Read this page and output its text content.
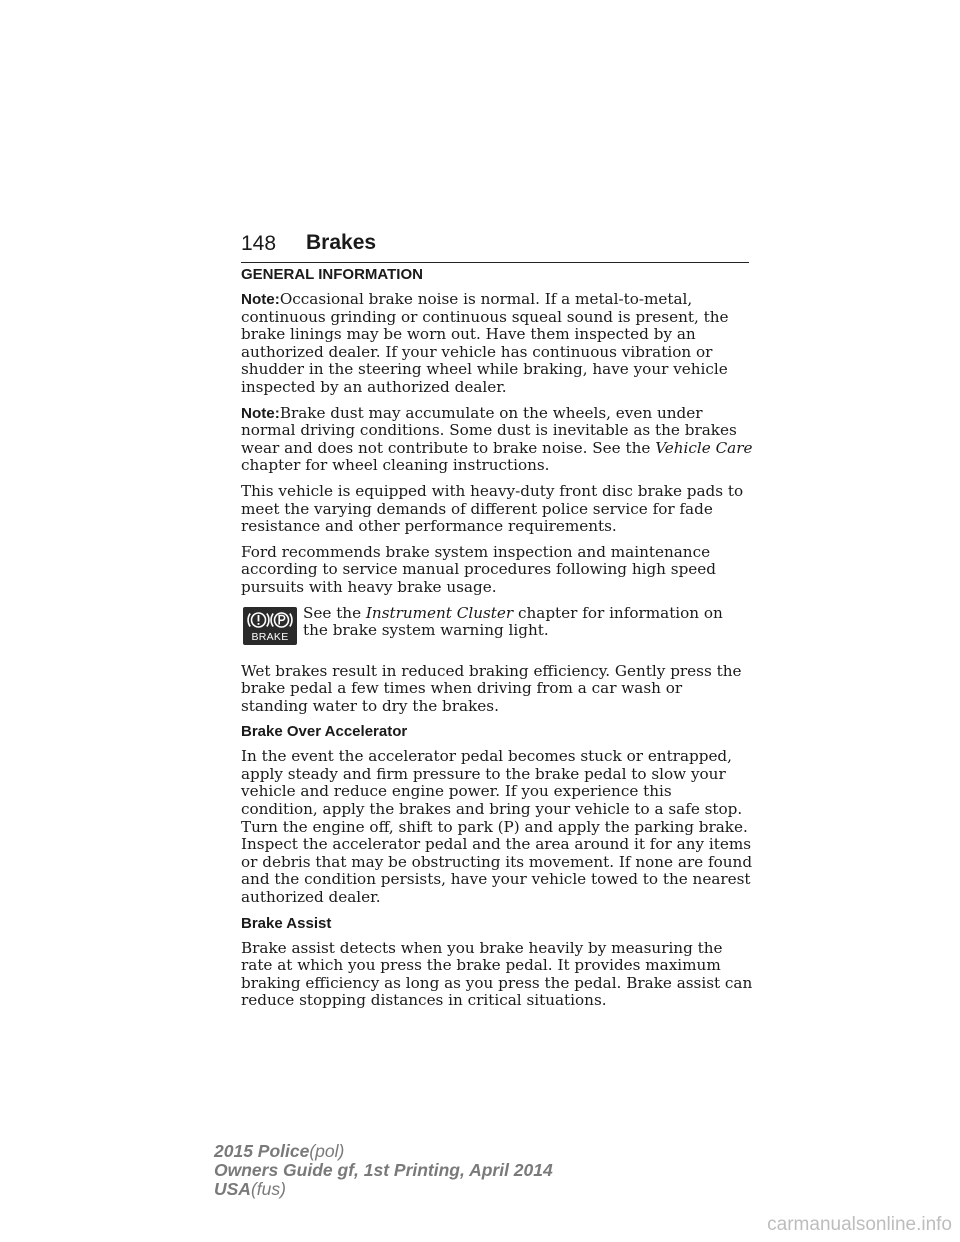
148 Brakes
GENERAL INFORMATION

Note:Occasional brake noise is normal. If a metal-to-metal, continuous grinding or continuous squeal sound is present, the brake linings may be worn out. Have them inspected by an authorized dealer. If your vehicle has continuous vibration or shudder in the steering wheel while braking, have your vehicle inspected by an authorized dealer.

Note:Brake dust may accumulate on the wheels, even under normal driving conditions. Some dust is inevitable as the brakes wear and does not contribute to brake noise. See the Vehicle Care chapter for wheel cleaning instructions.

This vehicle is equipped with heavy-duty front disc brake pads to meet the varying demands of different police service for fade resistance and other performance requirements.

Ford recommends brake system inspection and maintenance according to service manual procedures following high speed pursuits with heavy brake usage.

BRAKE
See the Instrument Cluster chapter for information on the brake system warning light.

Wet brakes result in reduced braking efficiency. Gently press the brake pedal a few times when driving from a car wash or standing water to dry the brakes.

Brake Over Accelerator

In the event the accelerator pedal becomes stuck or entrapped, apply steady and firm pressure to the brake pedal to slow your vehicle and reduce engine power. If you experience this condition, apply the brakes and bring your vehicle to a safe stop. Turn the engine off, shift to park (P) and apply the parking brake. Inspect the accelerator pedal and the area around it for any items or debris that may be obstructing its movement. If none are found and the condition persists, have your vehicle towed to the nearest authorized dealer.

Brake Assist

Brake assist detects when you brake heavily by measuring the rate at which you press the brake pedal. It provides maximum braking efficiency as long as you press the pedal. Brake assist can reduce stopping distances in critical situations.

2015 Police(pol)
Owners Guide gf, 1st Printing, April 2014
USA(fus)
carmanualsonline.info
